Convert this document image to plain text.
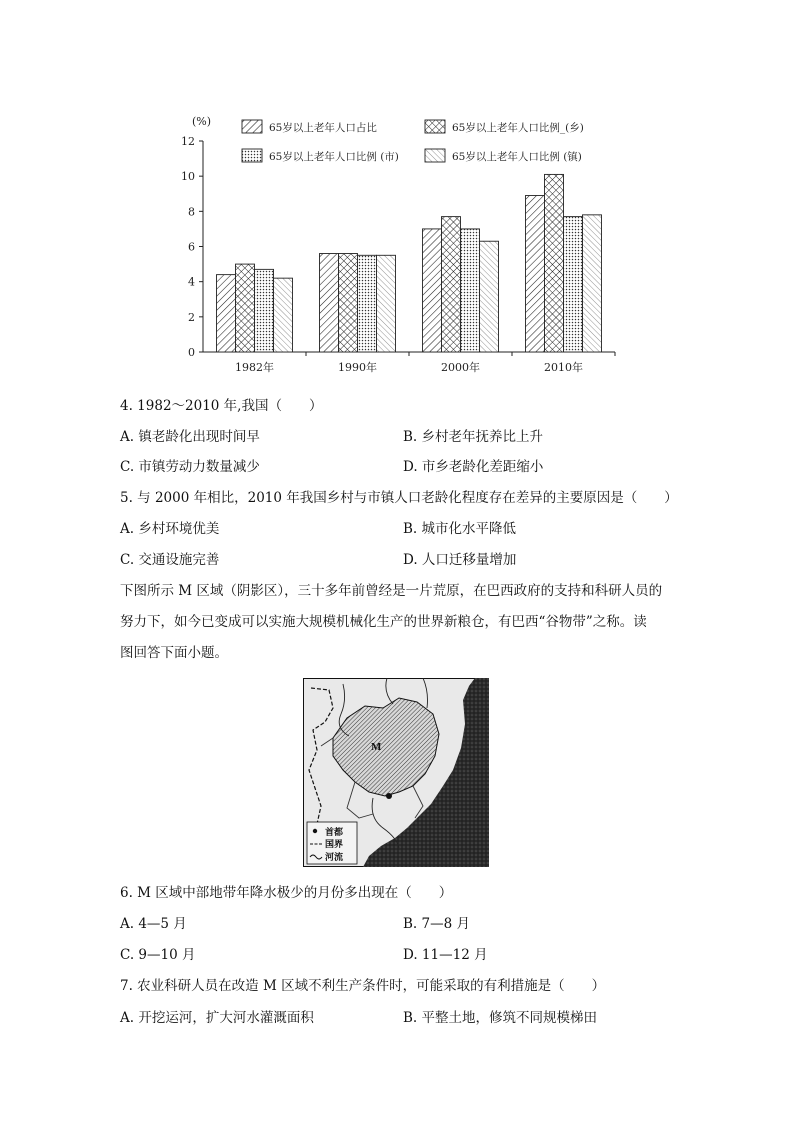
(%)
0
2
4
6
8
10
12
1982年	1990年	2000年	2010年
65岁以上老年人口占比	65岁以上老年人口比例_(乡)
65岁以上老年人口比例 (市)	65岁以上老年人口比例 (镇)
4. 1982～2010 年,我国（　　）
A. 镇老龄化出现时间早	B. 乡村老年抚养比上升
C. 市镇劳动力数量减少	D. 市乡老龄化差距缩小
5. 与 2000 年相比，2010 年我国乡村与市镇人口老龄化程度存在差异的主要原因是（　　）
A. 乡村环境优美	B. 城市化水平降低
C. 交通设施完善	D. 人口迁移量增加
下图所示 M 区域（阴影区），三十多年前曾经是一片荒原，在巴西政府的支持和科研人员的
努力下，如今已变成可以实施大规模机械化生产的世界新粮仓，有巴西“谷物带”之称。读
图回答下面小题。
M
首都
国界
河流
6. M 区域中部地带年降水极少的月份多出现在（　　）
A. 4—5 月	B. 7—8 月
C. 9—10 月	D. 11—12 月
7. 农业科研人员在改造 M 区域不利生产条件时，可能采取的有利措施是（　　）
A. 开挖运河，扩大河水灌溉面积	B. 平整土地，修筑不同规模梯田
